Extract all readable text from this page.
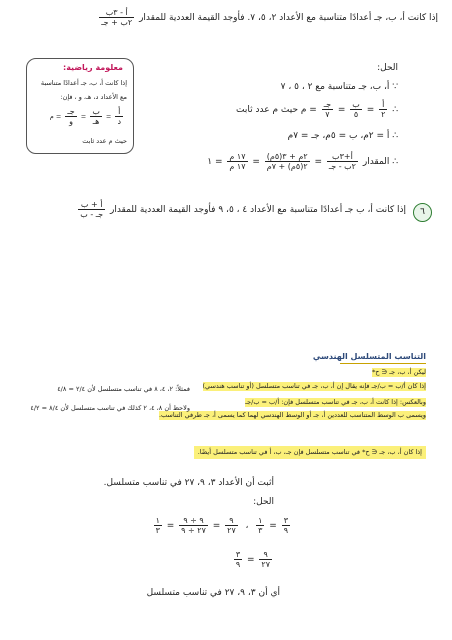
إذا كانت أ، ب، جـ أعدادًا متناسبة مع الأعداد ٢، ٥، ٧. فأوجد القيمة العددية للمقدار
$\frac{\text{أ - ٣ب}}{\text{٢ب + جـ}}$
الحل:
∵ أ، ب، جـ متناسبة مع ٢ ، ٥ ، ٧
∴
$\frac{\text{أ}}{٢}$
=
$\frac{\text{ب}}{٥}$
=
$\frac{\text{جـ}}{٧}$
= م حيث م عدد ثابت
∴ أ = ٢م، ب = ٥م، جـ = ٧م
∴ المقدار
$\frac{\text{أ+٣ب}}{\text{٢ب - جـ}}$
=
$\frac{\text{٢م + ٣(٥م)}}{\text{٢(٥م) + ٧م}}$
=
$\frac{\text{١٧ م}}{\text{١٧ م}}$
= ١
معلومة رياضية:
إذا كانت أ، ب، جـ أعدادًا متناسبة
مع الأعداد د، هـ، و ، فإن:
$\frac{\text{أ}}{\text{د}}$
=
$\frac{\text{ب}}{\text{هـ}}$
=
$\frac{\text{جـ}}{\text{و}}$
= م
حيث م عدد ثابت
٦
إذا كانت أ، ب جـ أعدادًا متناسبة مع الأعداد ٤ ، ٥، ٩ فأوجد القيمة العددية للمقدار
$\frac{\text{أ + ب}}{\text{جـ - ب}}$
التناسب المتسلسل الهندسي
ليكن أ، ب، جـ ∈ ح*
إذا كان أ/ب = ب/جـ فإنه يقال إن أ، ب، جـ في تناسب متسلسل (أو تناسب هندسي)
وبالعكس: إذا كانت أ، ب، جـ في تناسب متسلسل فإن: أ/ب = ب/جـ
ويسمى ب الوسط المتناسب للعددين أ، جـ أو الوسط الهندسي لهما كما يسمى أ، جـ طرفي التناسب.
فمثلاً: ٢، ٤، ٨ في تناسب متسلسل لأن ٢/٤ = ٤/٨
ولاحظ أن ٨، ٤، ٢ كذلك في تناسب متسلسل لأن ٨/٤ = ٤/٢
إذا كان أ، ب، جـ ∈ ح* في تناسب متسلسل فإن جـ، ب، أ في تناسب متسلسل أيضًا.
أثبت أن الأعداد ٣، ٩، ٢٧ في تناسب متسلسل.
الحل:
$\frac{٣}{٩}$
=
$\frac{١}{٣}$
،
$\frac{٩}{٢٧}$
=
$\frac{٩ \div ٩}{٢٧ \div ٩}$
=
$\frac{١}{٣}$
$\frac{٩}{٢٧}$
=
$\frac{٣}{٩}$
أي أن ٣، ٩، ٢٧ في تناسب متسلسل
